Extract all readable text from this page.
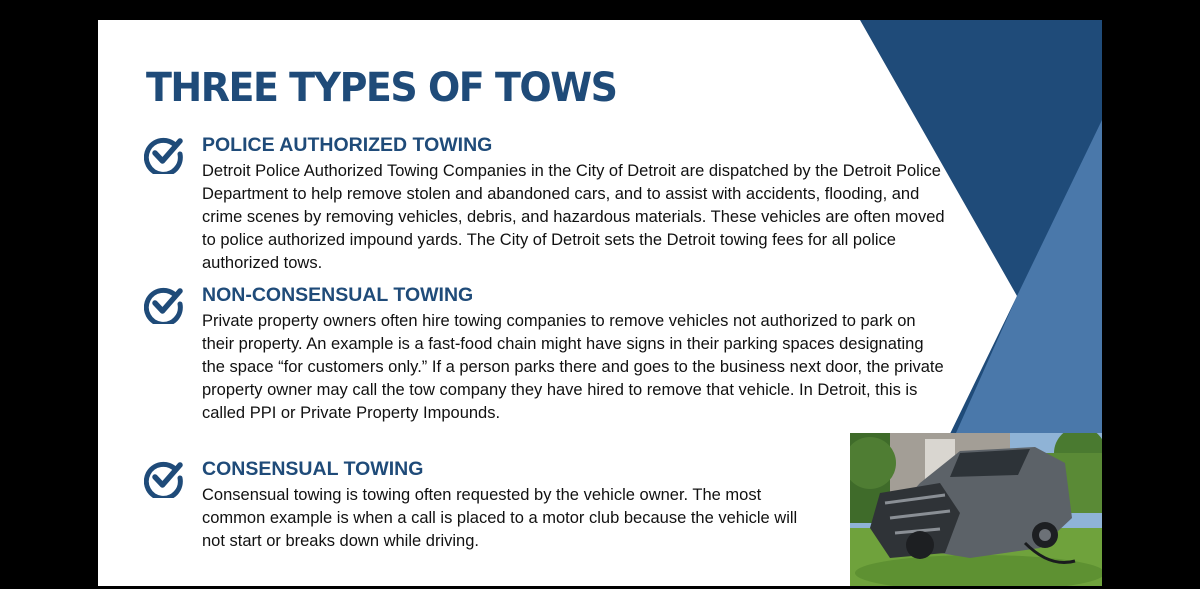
THREE TYPES OF TOWS
POLICE AUTHORIZED TOWING
Detroit Police Authorized Towing Companies in the City of Detroit are dispatched by the Detroit Police Department to help remove stolen and abandoned cars, and to assist with accidents, flooding, and crime scenes by removing vehicles, debris, and hazardous materials. These vehicles are often moved to police authorized impound yards. The City of Detroit sets the Detroit towing fees for all police authorized tows.
NON-CONSENSUAL TOWING
Private property owners often hire towing companies to remove vehicles not authorized to park on their property. An example is a fast-food chain might have signs in their parking spaces designating the space “for customers only.” If a person parks there and goes to the business next door, the private property owner may call the tow company they have hired to remove that vehicle. In Detroit, this is called PPI or Private Property Impounds.
CONSENSUAL TOWING
Consensual towing is towing often requested by the vehicle owner. The most common example is when a call is placed to a motor club because the vehicle will not start or breaks down while driving.
